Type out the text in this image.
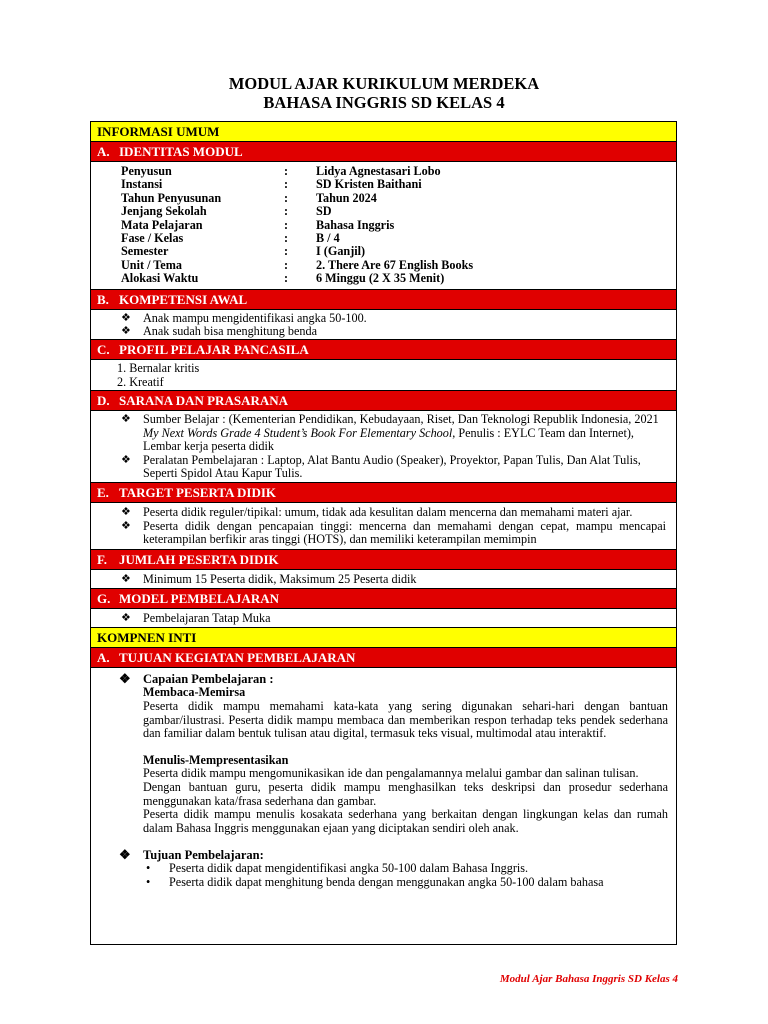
MODUL AJAR KURIKULUM MERDEKA
BAHASA INGGRIS SD KELAS 4
INFORMASI UMUM
A. IDENTITAS MODUL
Penyusun	:	Lidya Agnestasari Lobo
Instansi	:	SD Kristen Baithani
Tahun Penyusunan	:	Tahun 2024
Jenjang Sekolah	:	SD
Mata Pelajaran	:	Bahasa Inggris
Fase / Kelas	:	B / 4
Semester	:	I (Ganjil)
Unit / Tema	:	2. There Are 67 English Books
Alokasi Waktu	:	6 Minggu (2 X 35 Menit)
B. KOMPETENSI AWAL
❖ Anak mampu mengidentifikasi angka 50-100.
❖ Anak sudah bisa menghitung benda
C. PROFIL PELAJAR PANCASILA
1. Bernalar kritis
2. Kreatif
D. SARANA DAN PRASARANA
❖ Sumber Belajar : (Kementerian Pendidikan, Kebudayaan, Riset, Dan Teknologi Republik Indonesia, 2021 My Next Words Grade 4 Student’s Book For Elementary School, Penulis : EYLC Team dan Internet), Lembar kerja peserta didik
❖ Peralatan Pembelajaran : Laptop, Alat Bantu Audio (Speaker), Proyektor, Papan Tulis, Dan Alat Tulis, Seperti Spidol Atau Kapur Tulis.
E. TARGET PESERTA DIDIK
❖ Peserta didik reguler/tipikal: umum, tidak ada kesulitan dalam mencerna dan memahami materi ajar.
❖ Peserta didik dengan pencapaian tinggi: mencerna dan memahami dengan cepat, mampu mencapai keterampilan berfikir aras tinggi (HOTS), dan memiliki keterampilan memimpin
F. JUMLAH PESERTA DIDIK
❖ Minimum 15 Peserta didik, Maksimum 25 Peserta didik
G. MODEL PEMBELAJARAN
❖ Pembelajaran Tatap Muka
KOMPNEN INTI
A. TUJUAN KEGIATAN PEMBELAJARAN
❖ Capaian Pembelajaran :
Membaca-Memirsa
Peserta didik mampu memahami kata-kata yang sering digunakan sehari-hari dengan bantuan gambar/ilustrasi. Peserta didik mampu membaca dan memberikan respon terhadap teks pendek sederhana dan familiar dalam bentuk tulisan atau digital, termasuk teks visual, multimodal atau interaktif.
Menulis-Mempresentasikan
Peserta didik mampu mengomunikasikan ide dan pengalamannya melalui gambar dan salinan tulisan.
Dengan bantuan guru, peserta didik mampu menghasilkan teks deskripsi dan prosedur sederhana menggunakan kata/frasa sederhana dan gambar.
Peserta didik mampu menulis kosakata sederhana yang berkaitan dengan lingkungan kelas dan rumah dalam Bahasa Inggris menggunakan ejaan yang diciptakan sendiri oleh anak.
❖ Tujuan Pembelajaran:
• Peserta didik dapat mengidentifikasi angka 50-100 dalam Bahasa Inggris.
• Peserta didik dapat menghitung benda dengan menggunakan angka 50-100 dalam bahasa
Modul Ajar Bahasa Inggris SD Kelas 4
